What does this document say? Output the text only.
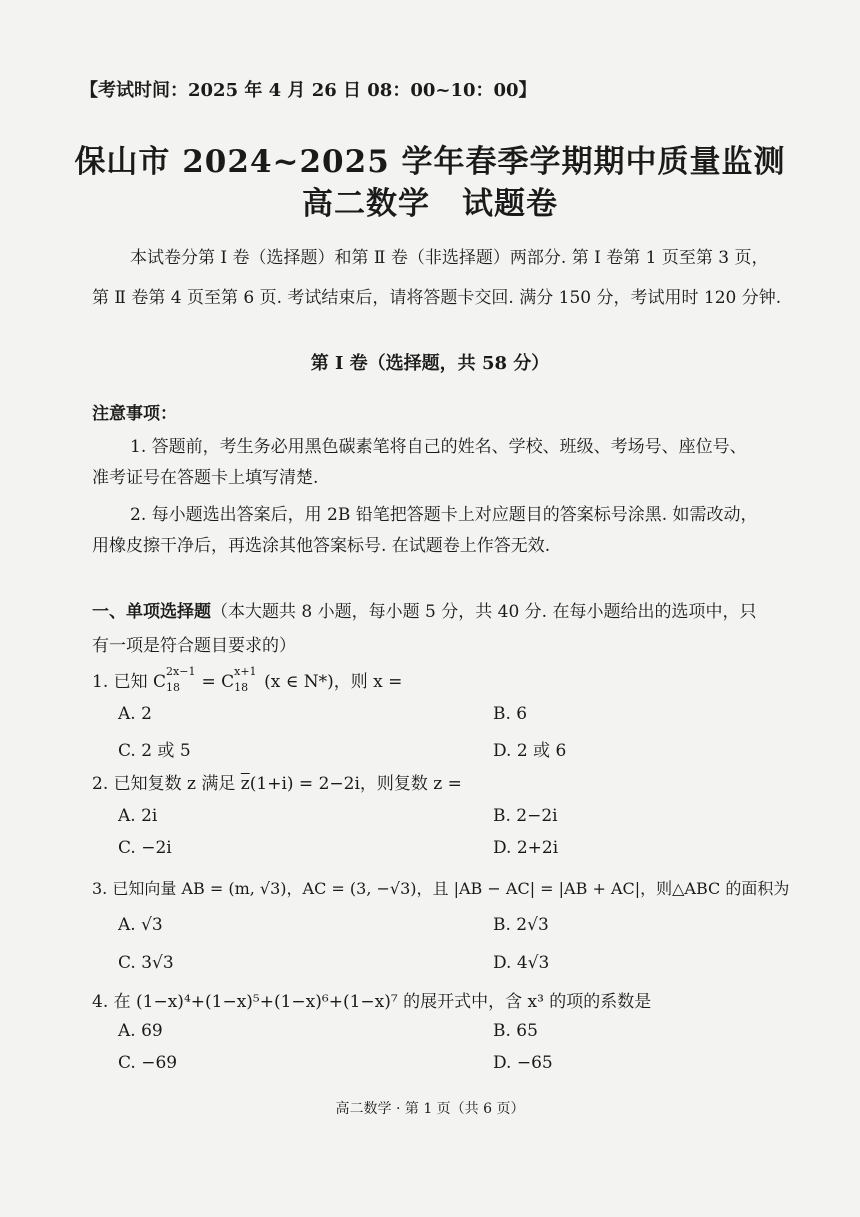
【考试时间：2025 年 4 月 26 日 08：00~10：00】
保山市 2024~2025 学年春季学期期中质量监测
高二数学　试题卷
本试卷分第 Ⅰ 卷（选择题）和第 Ⅱ 卷（非选择题）两部分. 第 Ⅰ 卷第 1 页至第 3 页，
第 Ⅱ 卷第 4 页至第 6 页. 考试结束后，请将答题卡交回. 满分 150 分，考试用时 120 分钟.
第 Ⅰ 卷（选择题，共 58 分）
注意事项：
1. 答题前，考生务必用黑色碳素笔将自己的姓名、学校、班级、考场号、座位号、
准考证号在答题卡上填写清楚.
2. 每小题选出答案后，用 2B 铅笔把答题卡上对应题目的答案标号涂黑. 如需改动，
用橡皮擦干净后，再选涂其他答案标号. 在试题卷上作答无效.
一、单项选择题（本大题共 8 小题，每小题 5 分，共 40 分. 在每小题给出的选项中，只
有一项是符合题目要求的）
1. 已知 C
2x−1
18 = C
x+1
18 (x ∈ N*)，则 x =
A. 2	B. 6
C. 2 或 5	D. 2 或 6
2. 已知复数 z 满足 $\overline{z}(1+i) = 2-2i$，则复数 z =
A. 2i	B. 2−2i
C. −2i	D. 2+2i
3. 已知向量 AB = (m, √3)，AC = (3, −√3)，且 |AB − AC| = |AB + AC|，则△ABC 的面积为
A. √3	B. 2√3
C. 3√3	D. 4√3
4. 在 (1−x)⁴+(1−x)⁵+(1−x)⁶+(1−x)⁷ 的展开式中，含 x³ 的项的系数是
A. 69	B. 65
C. −69	D. −65
高二数学 · 第 1 页（共 6 页）
